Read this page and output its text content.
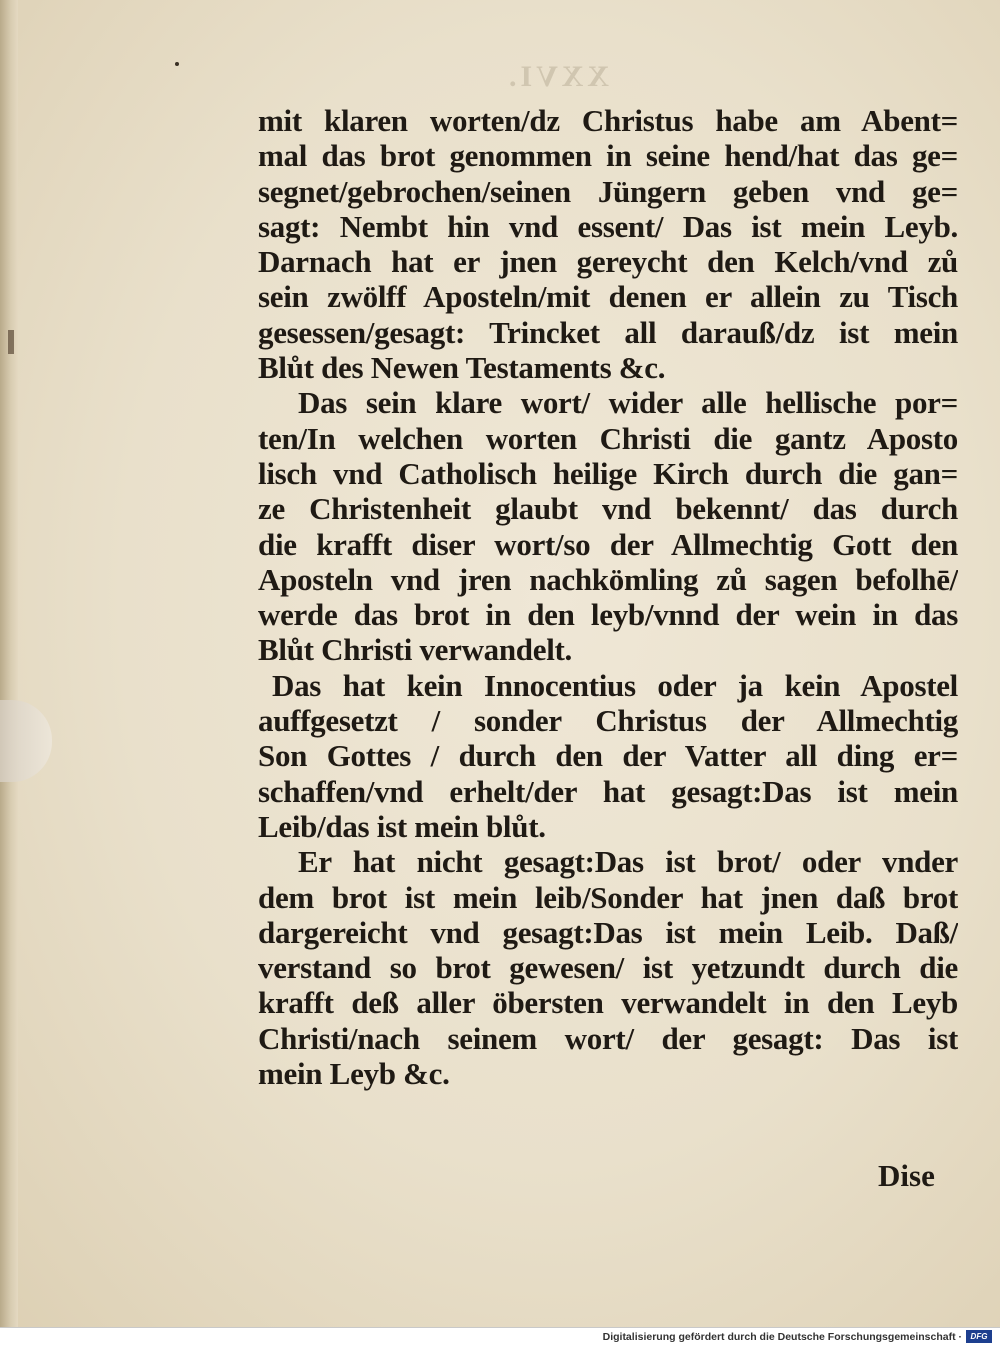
XXVI.
mit klaren worten/dz Christus habe am Abent=
mal das brot genommen in seine hend/hat das ge=
segnet/gebrochen/seinen Jüngern geben vnd ge=
sagt: Nembt hin vnd essent/ Das ist mein Leyb.
Darnach hat er jnen gereycht den Kelch/vnd zů
sein zwölff Aposteln/mit denen er allein zu Tisch
gesessen/gesagt: Trincket all darauß/dz ist mein
Blůt des Newen Testaments &c.
Das sein klare wort/ wider alle hellische por=
ten/In welchen worten Christi die gantz Aposto
lisch vnd Catholisch heilige Kirch durch die gan=
ze Christenheit glaubt vnd bekennt/ das durch
die krafft diser wort/so der Allmechtig Gott den
Aposteln vnd jren nachkömling zů sagen befolhē/
werde das brot in den leyb/vnnd der wein in das
Blůt Christi verwandelt.
Das hat kein Innocentius oder ja kein Apostel
auffgesetzt / sonder Christus der Allmechtig
Son Gottes / durch den der Vatter all ding er=
schaffen/vnd erhelt/der hat gesagt:Das ist mein
Leib/das ist mein blůt.
Er hat nicht gesagt:Das ist brot/ oder vnder
dem brot ist mein leib/Sonder hat jnen daß brot
dargereicht vnd gesagt:Das ist mein Leib. Daß/
verstand so brot gewesen/ ist yetzundt durch die
krafft deß aller öbersten verwandelt in den Leyb
Christi/nach seinem wort/ der gesagt: Das ist
mein Leyb &c.
Dise
Digitalisierung gefördert durch die Deutsche Forschungsgemeinschaft ·	DFG
